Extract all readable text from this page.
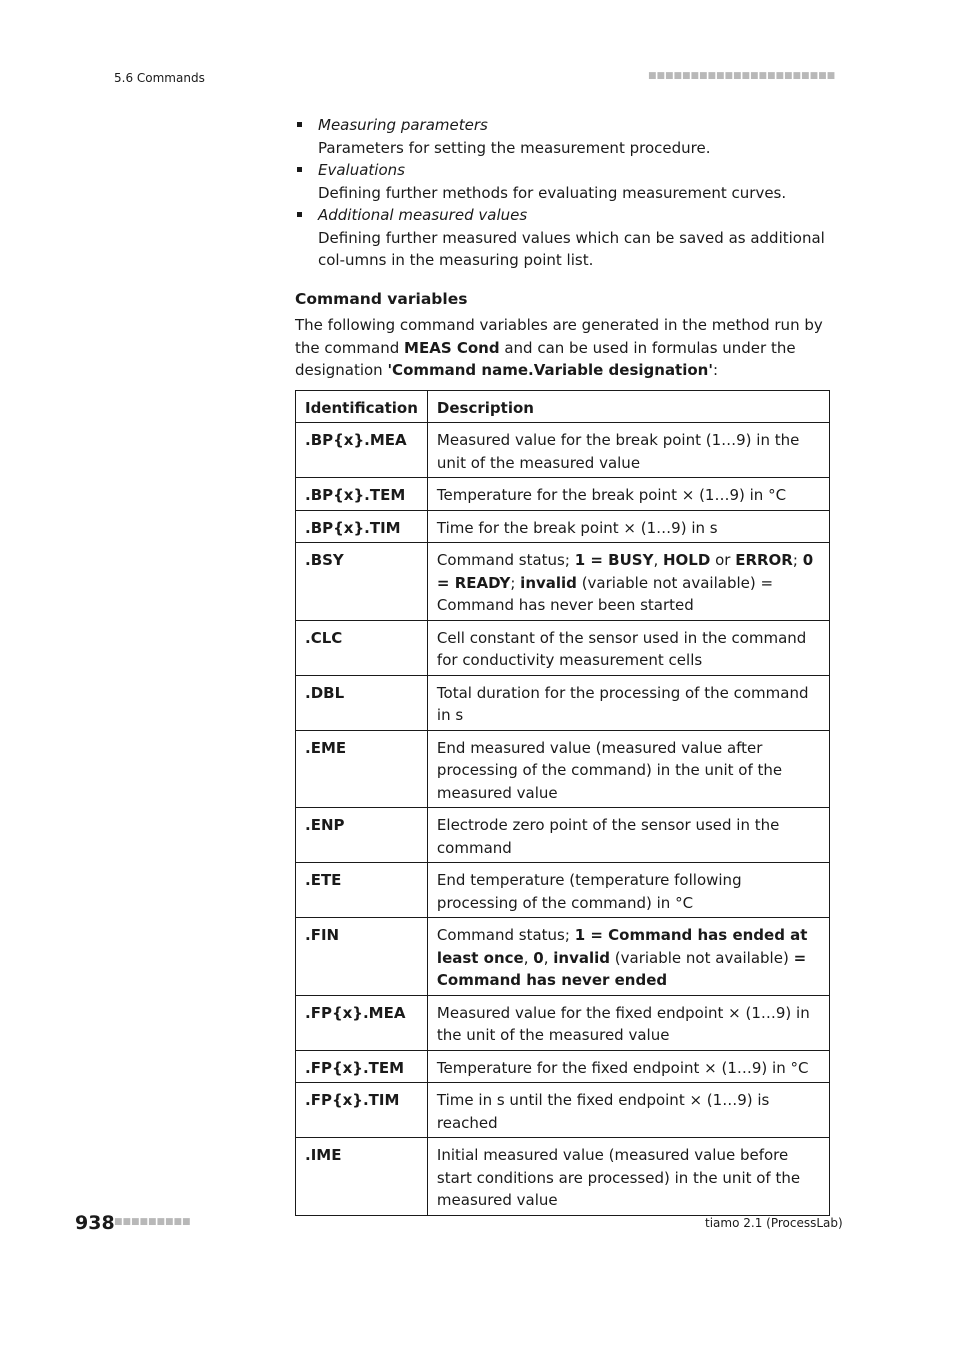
5.6 Commands	■■■■■■■■■■■■■■■■■■■■■■
Measuring parameters
Parameters for setting the measurement procedure.
Evaluations
Defining further methods for evaluating measurement curves.
Additional measured values
Defining further measured values which can be saved as additional col-umns in the measuring point list.
Command variables

The following command variables are generated in the method run by the command MEAS Cond and can be used in formulas under the designation 'Command name.Variable designation':

Identification	Description
.BP{x}.MEA	Measured value for the break point (1…9) in the unit of the measured value
.BP{x}.TEM	Temperature for the break point × (1…9) in °C
.BP{x}.TIM	Time for the break point × (1…9) in s
.BSY	Command status; 1 = BUSY, HOLD or ERROR; 0 = READY; invalid (variable not available) = Command has never been started
.CLC	Cell constant of the sensor used in the command for conductivity measurement cells
.DBL	Total duration for the processing of the command in s
.EME	End measured value (measured value after processing of the command) in the unit of the measured value
.ENP	Electrode zero point of the sensor used in the command
.ETE	End temperature (temperature following processing of the command) in °C
.FIN	Command status; 1 = Command has ended at least once, 0, invalid (variable not available) = Command has never ended
.FP{x}.MEA	Measured value for the fixed endpoint × (1…9) in the unit of the measured value
.FP{x}.TEM	Temperature for the fixed endpoint × (1…9) in °C
.FP{x}.TIM	Time in s until the fixed endpoint × (1…9) is reached
.IME	Initial measured value (measured value before start conditions are processed) in the unit of the measured value
938 ■■■■■■■■■	tiamo 2.1 (ProcessLab)
